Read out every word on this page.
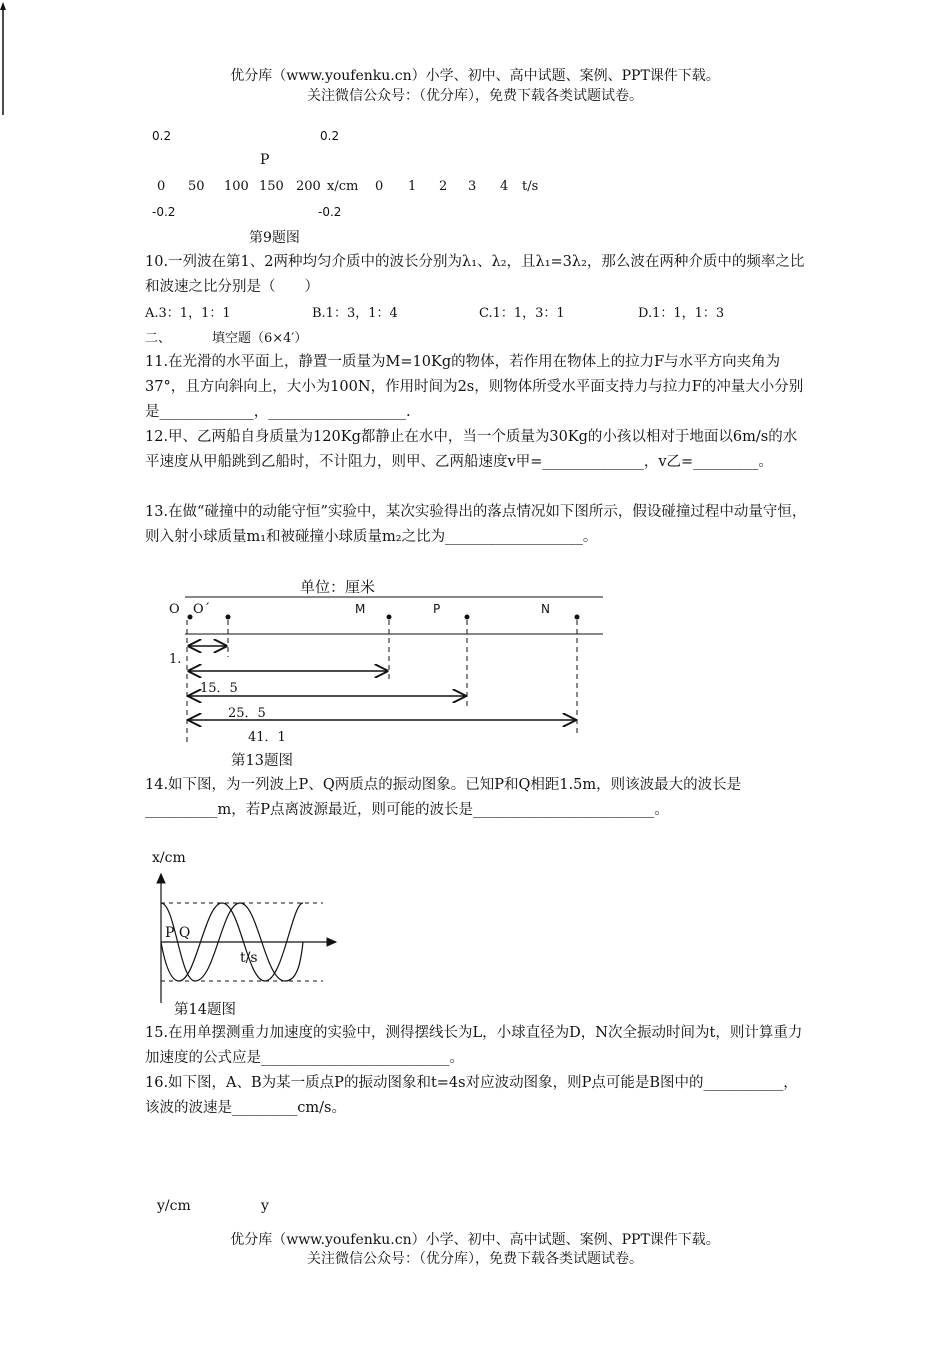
优分库（www.youfenku.cn）小学、初中、高中试题、案例、PPT课件下载。
关注微信公众号：（优分库），免费下载各类试题试卷。
0.2	0.2
P
0 50 100 150 200 x/cm 0 1 2 3 4 t/s
-0.2	-0.2
第9题图
10.一列波在第1、2两种均匀介质中的波长分别为λ₁、λ₂，且λ₁=3λ₂，那么波在两种介质中的频率之比和波速之比分别是（　　）
A.3：1，1：1	B.1：3，1：4	C.1：1，3：1	D.1：1，1：3
二、	填空题（6×4′）
11.在光滑的水平面上，静置一质量为M=10Kg的物体，若作用在物体上的拉力F与水平方向夹角为37°，且方向斜向上，大小为100N，作用时间为2s，则物体所受水平面支持力与拉力F的冲量大小分别是_____________，___________________.
12.甲、乙两船自身质量为120Kg都静止在水中，当一个质量为30Kg的小孩以相对于地面以6m/s的水平速度从甲船跳到乙船时，不计阻力，则甲、乙两船速度v甲=______________，v乙=_________。
13.在做“碰撞中的动能守恒”实验中，某次实验得出的落点情况如下图所示，假设碰撞过程中动量守恒，则入射小球质量m₁和被碰撞小球质量m₂之比为___________________。
单位：厘米
O O´	M	P	N
1.
15．5
25．5
41．1
第13题图
14.如下图，为一列波上P、Q两质点的振动图象。已知P和Q相距1.5m，则该波最大的波长是__________m，若P点离波源最近，则可能的波长是_________________________。
x/cm
P Q
t/s
第14题图
15.在用单摆测重力加速度的实验中，测得摆线长为L，小球直径为D，N次全振动时间为t，则计算重力加速度的公式应是__________________________。
16.如下图，A、B为某一质点P的振动图象和t=4s对应波动图象，则P点可能是B图中的___________，该波的波速是_________cm/s。
y/cm	y
优分库（www.youfenku.cn）小学、初中、高中试题、案例、PPT课件下载。
关注微信公众号：（优分库），免费下载各类试题试卷。
